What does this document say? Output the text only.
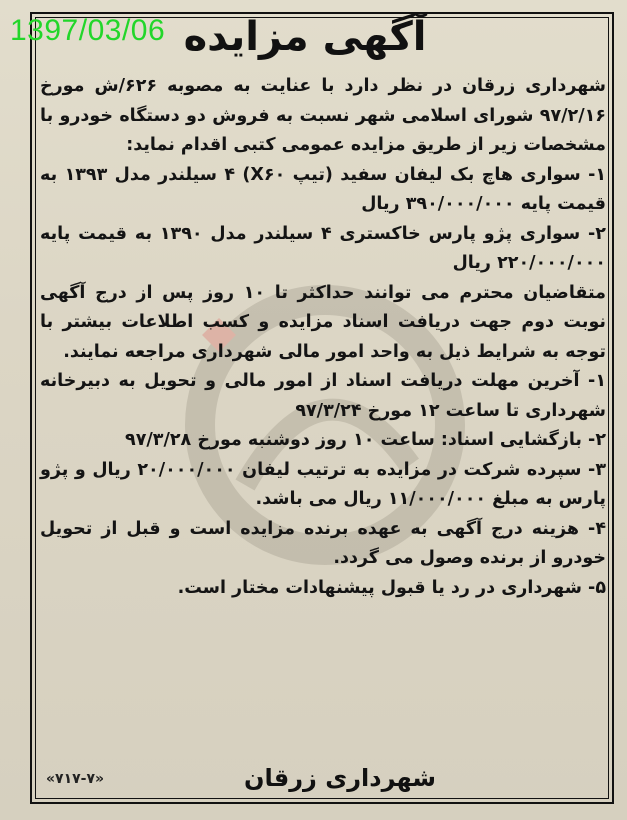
1397/03/06 آگهی مزایده

شهرداری زرقان در نظر دارد با عنایت به مصوبه ۶۲۶/ش مورخ ۹۷/۲/۱۶ شورای اسلامی شهر نسبت به فروش دو دستگاه خودرو با مشخصات زیر از طریق مزایده عمومی کتبی اقدام نماید:

۱- سواری هاچ بک لیفان سفید (تیپ X۶۰) ۴ سیلندر مدل ۱۳۹۳ به قیمت پایه ۳۹۰/۰۰۰/۰۰۰ ریال

۲- سواری پژو پارس خاکستری ۴ سیلندر مدل ۱۳۹۰ به قیمت پایه ۲۲۰/۰۰۰/۰۰۰ ریال

متقاضیان محترم می توانند حداکثر تا ۱۰ روز پس از درج آگهی نوبت دوم جهت دریافت اسناد مزایده و کسب اطلاعات بیشتر با توجه به شرایط ذیل به واحد امور مالی شهرداری مراجعه نمایند.

۱- آخرین مهلت دریافت اسناد از امور مالی و تحویل به دبیرخانه شهرداری تا ساعت ۱۲ مورخ ۹۷/۳/۲۴

۲- بازگشایی اسناد: ساعت ۱۰ روز دوشنبه مورخ ۹۷/۳/۲۸

۳- سپرده شرکت در مزایده به ترتیب لیفان ۲۰/۰۰۰/۰۰۰ ریال و پژو پارس به مبلغ ۱۱/۰۰۰/۰۰۰ ریال می باشد.

۴- هزینه درج آگهی به عهده برنده مزایده است و قبل از تحویل خودرو از برنده وصول می گردد.

۵- شهرداری در رد یا قبول پیشنهادات مختار است.

«۷۱۷-۷»	شهرداری زرقان
